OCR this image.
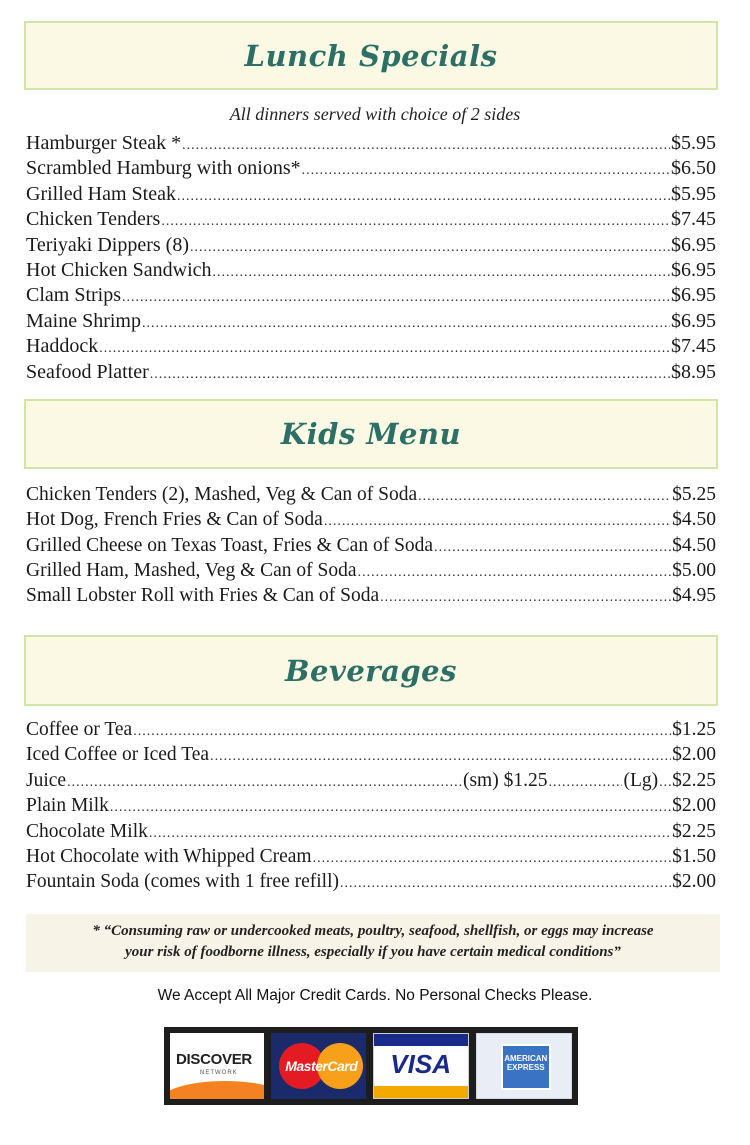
Lunch Specials
All dinners served with choice of 2 sides
Hamburger Steak * .....	$5.95
Scrambled Hamburg with onions* .....	$6.50
Grilled Ham Steak .....	$5.95
Chicken Tenders .....	$7.45
Teriyaki Dippers (8) .....	$6.95
Hot Chicken Sandwich .....	$6.95
Clam Strips .....	$6.95
Maine Shrimp .....	$6.95
Haddock .....	$7.45
Seafood Platter .....	$8.95
Kids Menu
Chicken Tenders (2), Mashed, Veg & Can of Soda .....	$5.25
Hot Dog, French Fries & Can of Soda .....	$4.50
Grilled Cheese on Texas Toast, Fries & Can of Soda .....	$4.50
Grilled Ham, Mashed, Veg & Can of Soda .....	$5.00
Small Lobster Roll with Fries & Can of Soda .....	$4.95
Beverages
Coffee or Tea .....	$1.25
Iced Coffee or Iced Tea .....	$2.00
Juice .....	(sm) $1.25 .....	(Lg) ..... $2.25
Plain Milk .....	$2.00
Chocolate Milk .....	$2.25
Hot Chocolate with Whipped Cream .....	$1.50
Fountain Soda (comes with 1 free refill) .....	$2.00
* “Consuming raw or undercooked meats, poultry, seafood, shellfish, or eggs may increase
your risk of foodborne illness, especially if you have certain medical conditions”
We Accept All Major Credit Cards. No Personal Checks Please.
DISCOVER
NETWORK	MasterCard	VISA	AMERICAN
EXPRESS
